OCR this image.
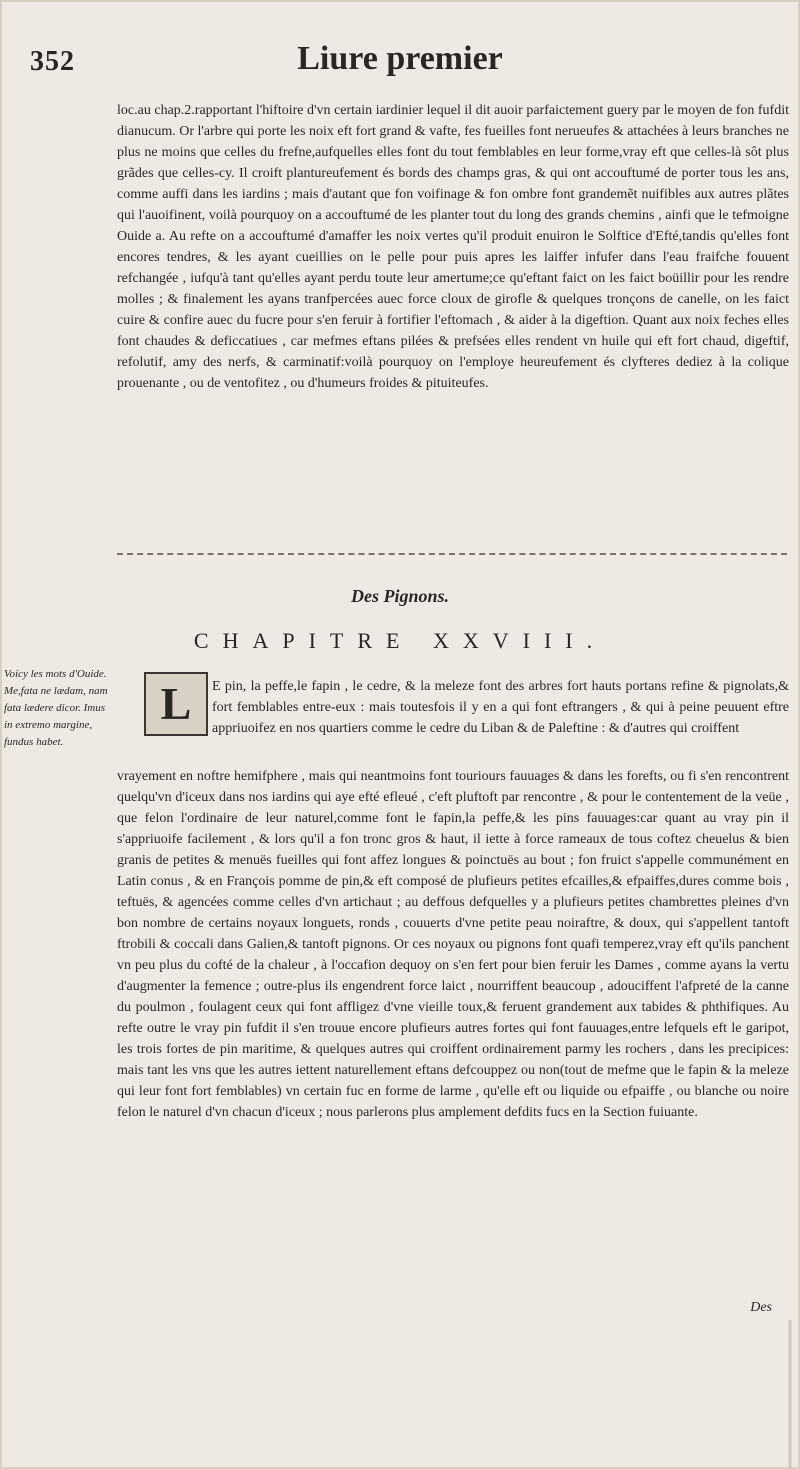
352	Liure premier

loc.au chap.2.rapportant l'hiftoire d'vn certain iardinier lequel il dit auoir parfaictement guery par le moyen de fon fufdit dianucum. Or l'arbre qui porte les noix eft fort grand & vafte, fes fueilles font nerueufes & attachées à leurs branches ne plus ne moins que celles du frefne,aufquelles elles font du tout femblables en leur forme,vray eft que celles-là sôt plus grãdes que celles-cy. Il croift plantureufement és bords des champs gras, & qui ont accouftumé de porter tous les ans, comme auffi dans les iardins ; mais d'autant que fon voifinage & fon ombre font grandemẽt nuifibles aux autres plãtes qui l'auoifinent, voilà pourquoy on a accouftumé de les planter tout du long des grands chemins , ainfi que le tefmoigne Ouide a. Au refte on a accouftumé d'amaffer les noix vertes qu'il produit enuiron le Solftice d'Efté,tandis qu'elles font encores tendres, & les ayant cueillies on le pelle pour puis apres les laiffer infufer dans l'eau fraifche fouuent refchangée , iufqu'à tant qu'elles ayant perdu toute leur amertume;ce qu'eftant faict on les faict boüillir pour les rendre molles ; & finalement les ayans tranfpercées auec force cloux de girofle & quelques tronçons de canelle, on les faict cuire & confire auec du fucre pour s'en feruir à fortifier l'eftomach , & aider à la digeftion. Quant aux noix feches elles font chaudes & deficcatiues , car mefmes eftans pilées & prefsées elles rendent vn huile qui eft fort chaud, digeftif, refolutif, amy des nerfs, & carminatif:voilà pourquoy on l'employe heureufement és clyfteres dediez à la colique prouenante , ou de ventofitez , ou d'humeurs froides & pituiteufes.

Voicy les mots d'Ouide. Me,fata ne lædam, nam fata lædere dicor. Imus in extremo margine, fundus habet.
Des Pignons.
CHAPITRE XXVIII.
L	E pin, la peffe,le fapin , le cedre, & la meleze font des arbres fort hauts portans refine & pignolats,& fort femblables entre-eux : mais toutesfois il y en a qui font eftrangers , & qui à peine peuuent eftre appriuoifez en nos quartiers comme le cedre du Liban & de Paleftine : & d'autres qui croiffent

vrayement en noftre hemifphere , mais qui neantmoins font touriours fauuages & dans les forefts, ou fi s'en rencontrent quelqu'vn d'iceux dans nos iardins qui aye efté efleué , c'eft pluftoft par rencontre , & pour le contentement de la veüe , que felon l'ordinaire de leur naturel,comme font le fapin,la peffe,& les pins fauuages:car quant au vray pin il s'appriuoife facilement , & lors qu'il a fon tronc gros & haut, il iette à force rameaux de tous coftez cheuelus & bien granis de petites & menuës fueilles qui font affez longues & poinctuës au bout ; fon fruict s'appelle communément en Latin conus , & en François pomme de pin,& eft composé de plufieurs petites efcailles,& efpaiffes,dures comme bois , teftuës, & agencées comme celles d'vn artichaut ; au deffous defquelles y a plufieurs petites chambrettes pleines d'vn bon nombre de certains noyaux longuets, ronds , couuerts d'vne petite peau noiraftre, & doux, qui s'appellent tantoft ftrobili & coccali dans Galien,& tantoft pignons. Or ces noyaux ou pignons font quafi temperez,vray eft qu'ils panchent vn peu plus du cofté de la chaleur , à l'occafion dequoy on s'en fert pour bien feruir les Dames , comme ayans la vertu d'augmenter la femence ; outre-plus ils engendrent force laict , nourriffent beaucoup , adouciffent l'afpreté de la canne du poulmon , foulagent ceux qui font affligez d'vne vieille toux,& feruent grandement aux tabides & phthifiques. Au refte outre le vray pin fufdit il s'en trouue encore plufieurs autres fortes qui font fauuages,entre lefquels eft le garipot, les trois fortes de pin maritime, & quelques autres qui croiffent ordinairement parmy les rochers , dans les precipices: mais tant les vns que les autres iettent naturellement eftans defcouppez ou non(tout de mefme que le fapin & la meleze qui leur font fort femblables) vn certain fuc en forme de larme , qu'elle eft ou liquide ou efpaiffe , ou blanche ou noire felon le naturel d'vn chacun d'iceux ; nous parlerons plus amplement defdits fucs en la Section fuiuante.

Des
